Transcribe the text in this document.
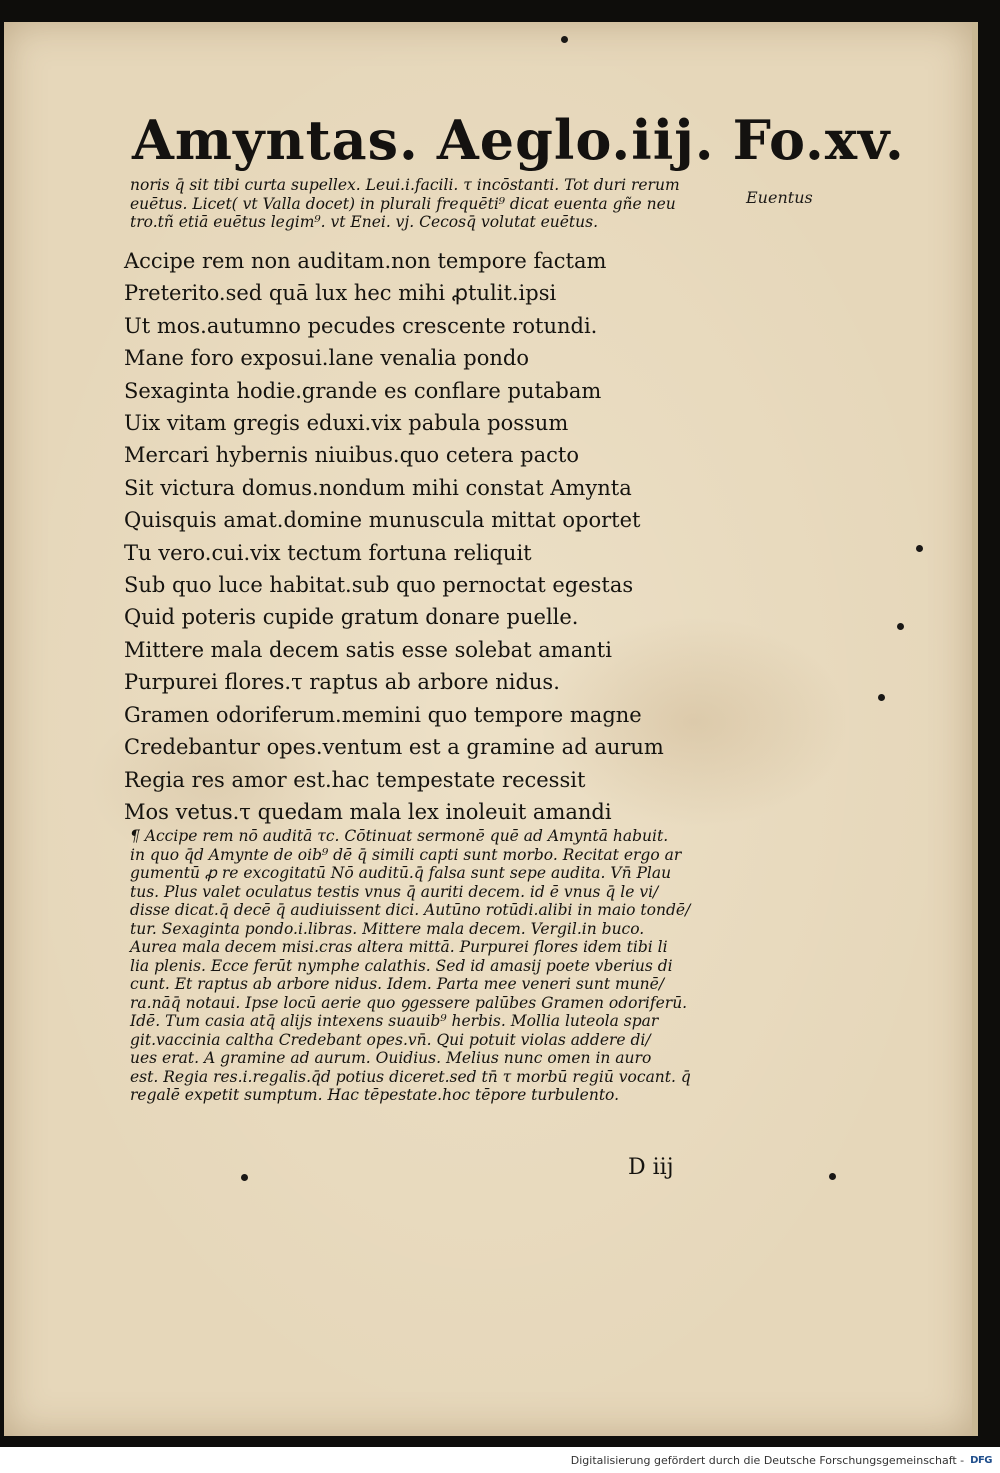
Amyntas. Aeglo.iij. Fo.xv.
Euentus
noris q̄ sit tibi curta supellex. Leui.i.facili. τ incōstanti. Tot duri rerum
euētus. Licet( vt Valla docet) in plurali frequēti⁹ dicat euenta gñe neu
tro.tñ etiā euētus legim⁹. vt Enei. vj. Cecosq̄ volutat euētus.
Accipe rem non auditam.non tempore factam
Preterito.sed quā lux hec mihi ꝓtulit.ipsi
Ut mos.autumno pecudes crescente rotundi.
Mane foro exposui.lane venalia pondo
Sexaginta hodie.grande es conflare putabam
Uix vitam gregis eduxi.vix pabula possum
Mercari hybernis niuibus.quo cetera pacto
Sit victura domus.nondum mihi constat Amynta
Quisquis amat.domine munuscula mittat oportet
Tu vero.cui.vix tectum fortuna reliquit
Sub quo luce habitat.sub quo pernoctat egestas
Quid poteris cupide gratum donare puelle.
Mittere mala decem satis esse solebat amanti
Purpurei flores.τ raptus ab arbore nidus.
Gramen odoriferum.memini quo tempore magne
Credebantur opes.ventum est a gramine ad aurum
Regia res amor est.hac tempestate recessit
Mos vetus.τ quedam mala lex inoleuit amandi
¶ Accipe rem nō auditā τc. Cōtinuat sermonē quē ad Amyntā habuit.
in quo q̄d Amynte de oib⁹ dē q̄ simili capti sunt morbo. Recitat ergo ar
gumentū ꝓ re excogitatū Nō auditū.q̄ falsa sunt sepe audita. Vn̄ Plau
tus. Plus valet oculatus testis vnus q̄ auriti decem. id ē vnus q̄ le vi/
disse dicat.q̄ decē q̄ audiuissent dici. Autūno rotūdi.alibi in maio tondē/
tur. Sexaginta pondo.i.libras. Mittere mala decem. Vergil.in buco.
Aurea mala decem misi.cras altera mittā. Purpurei flores idem tibi li
lia plenis. Ecce ferūt nymphe calathis. Sed id amasij poete vberius di
cunt. Et raptus ab arbore nidus. Idem. Parta mee veneri sunt munē/
ra.nāq̄ notaui. Ipse locū aerie quo ꝯgessere palūbes Gramen odoriferū.
Idē. Tum casia atq̄ alijs intexens suauib⁹ herbis. Mollia luteola spar
git.vaccinia caltha Credebant opes.vn̄. Qui potuit violas addere di/
ues erat. A gramine ad aurum. Ouidius. Melius nunc omen in auro
est. Regia res.i.regalis.q̄d potius diceret.sed tn̄ τ morbū regiū vocant. q̄
regalē expetit sumptum. Hac tēpestate.hoc tēpore turbulento.
D iij
Digitalisierung gefördert durch die Deutsche Forschungsgemeinschaft - DFG
